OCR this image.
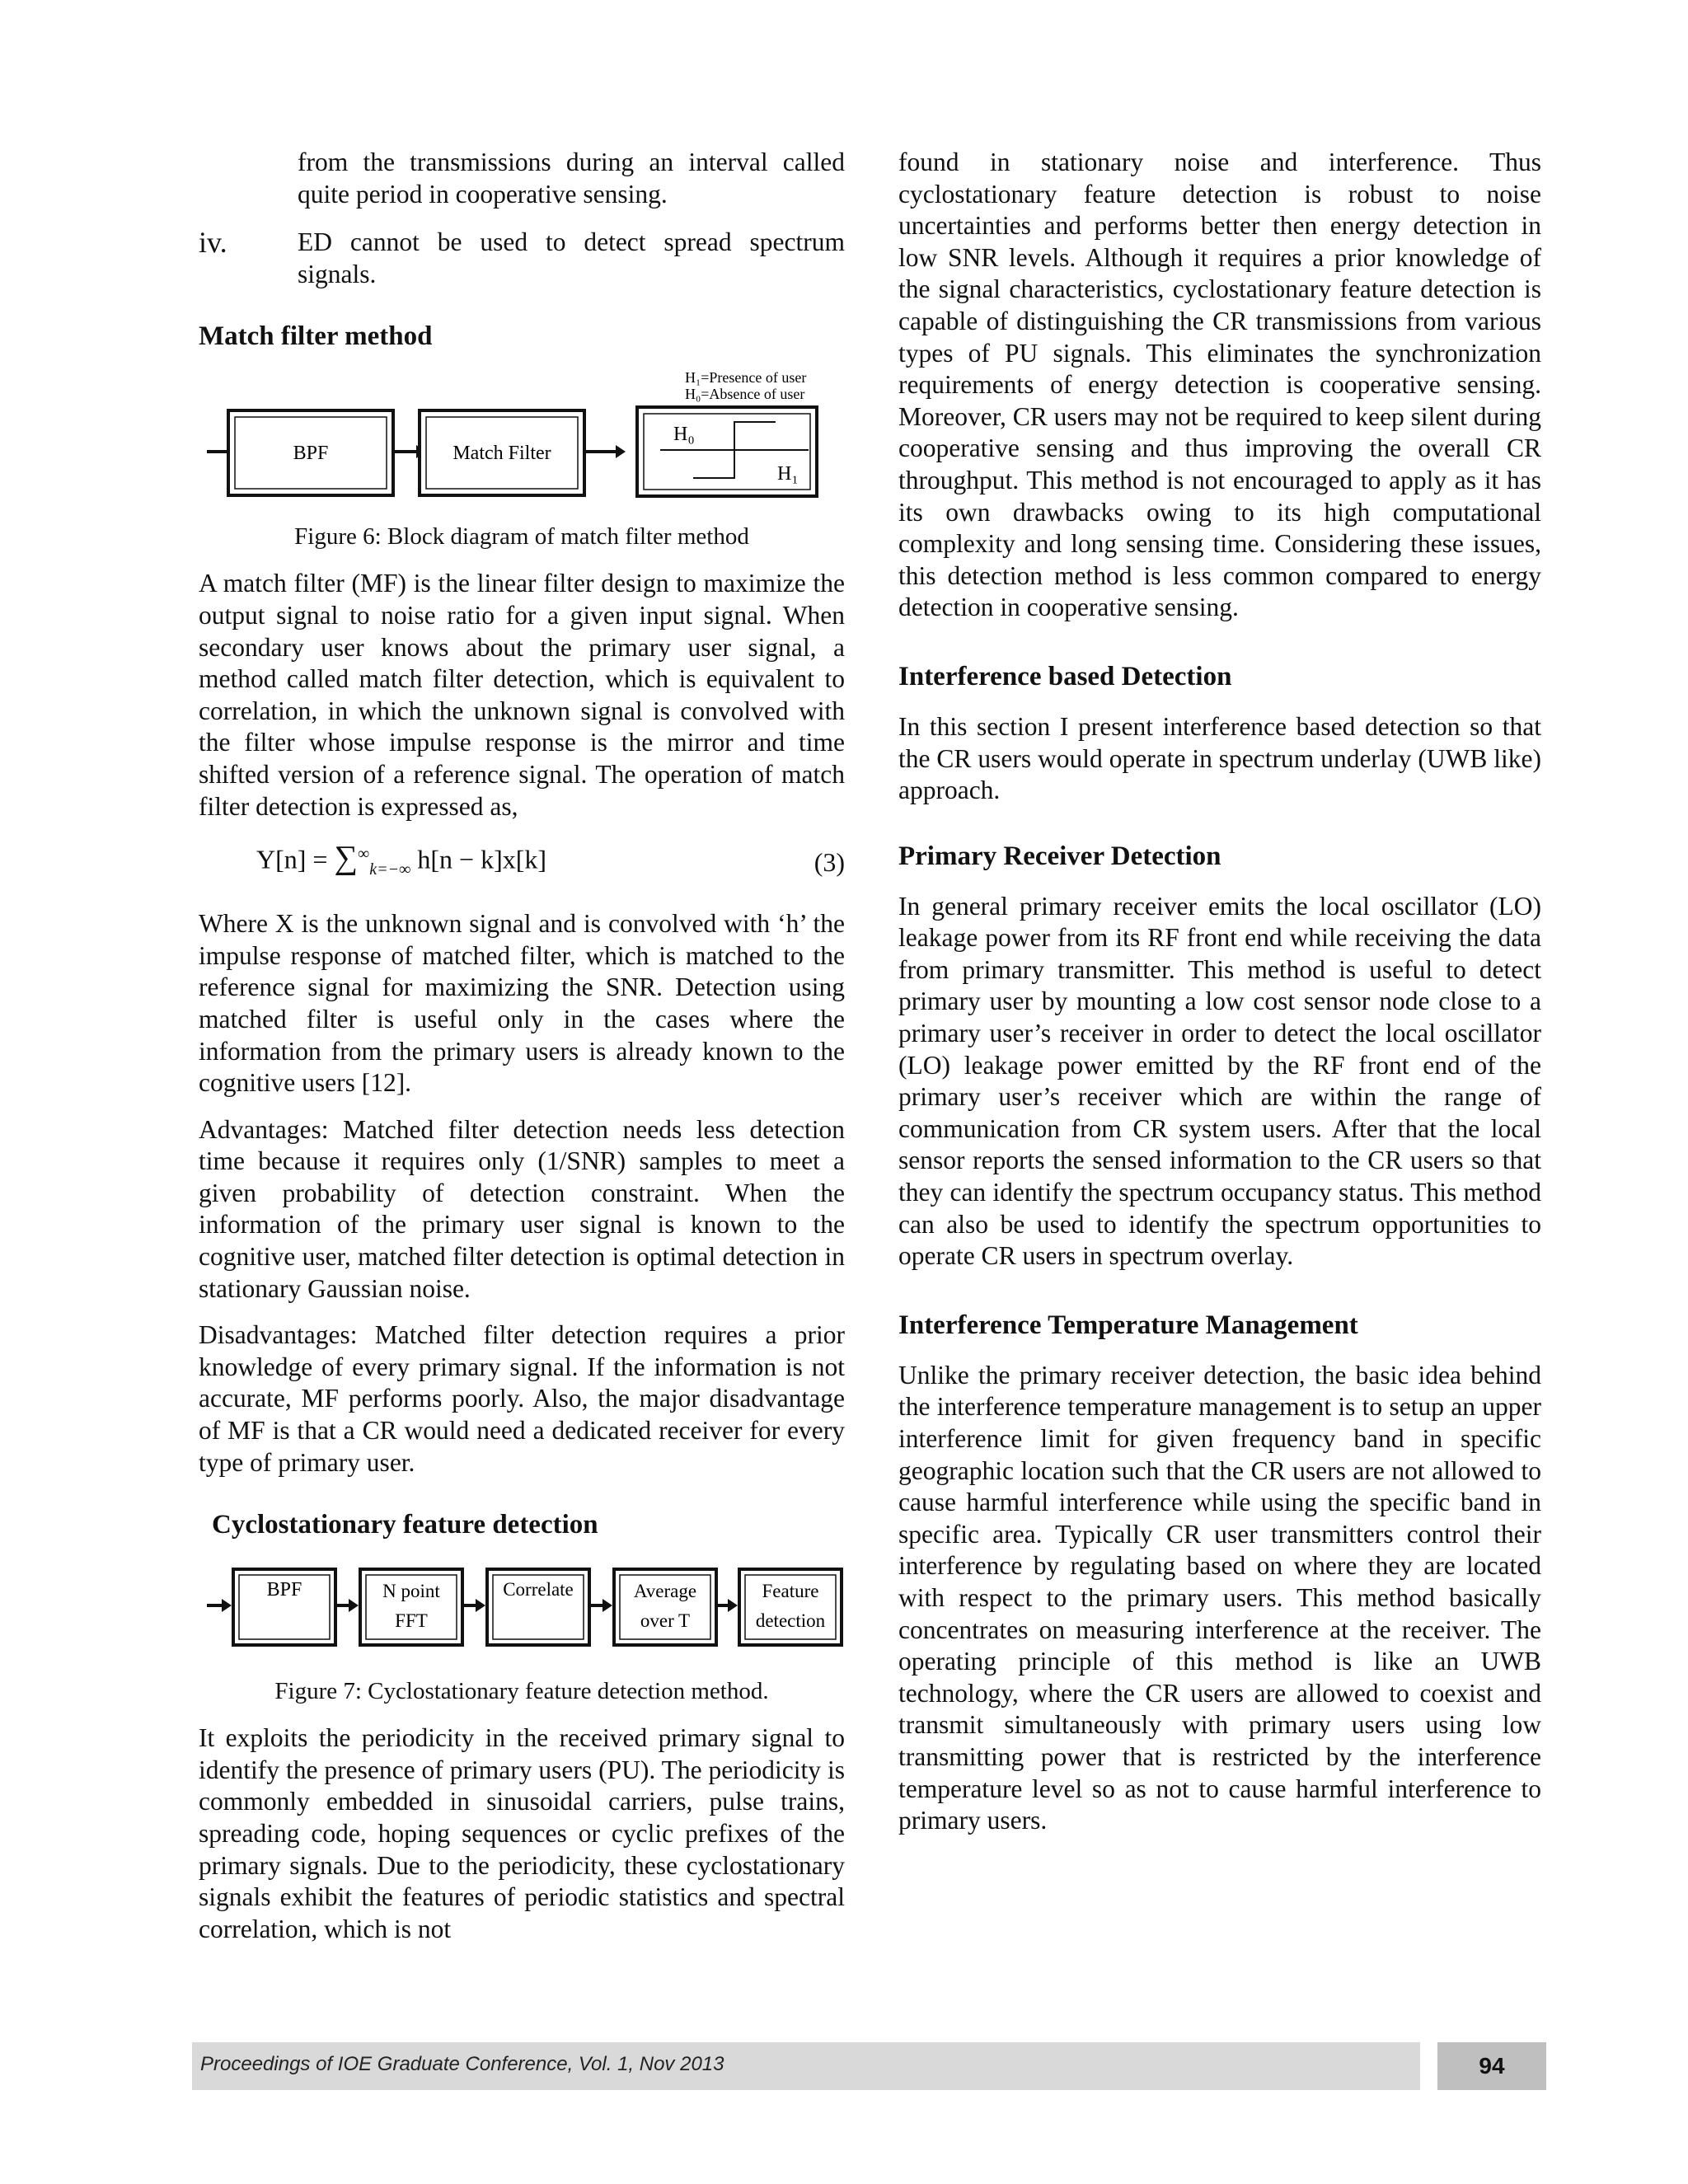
from the transmissions during an interval called quite period in cooperative sensing.
iv.	ED cannot be used to detect spread spectrum signals.
Match filter method
BPF	Match Filter
H₁=Presence of user
H₀=Absence of user
H₀
H₁
Figure 6: Block diagram of match filter method

A match filter (MF) is the linear filter design to maximize the output signal to noise ratio for a given input signal. When secondary user knows about the primary user signal, a method called match filter detection, which is equivalent to correlation, in which the unknown signal is convolved with the filter whose impulse response is the mirror and time shifted version of a reference signal. The operation of match filter detection is expressed as,

$Y[n] = \sum^\infty_{k=-\infty}$ h[n − k]x[k]	(3)

Where X is the unknown signal and is convolved with ‘h’ the impulse response of matched filter, which is matched to the reference signal for maximizing the SNR. Detection using matched filter is useful only in the cases where the information from the primary users is already known to the cognitive users [12].

Advantages: Matched filter detection needs less detection time because it requires only (1/SNR) samples to meet a given probability of detection constraint. When the information of the primary user signal is known to the cognitive user, matched filter detection is optimal detection in stationary Gaussian noise.

Disadvantages: Matched filter detection requires a prior knowledge of every primary signal. If the information is not accurate, MF performs poorly. Also, the major disadvantage of MF is that a CR would need a dedicated receiver for every type of primary user.

Cyclostationary feature detection
BPF	N point
FFT
Correlate	Average
over T
Feature
detection
Figure 7: Cyclostationary feature detection method.

It exploits the periodicity in the received primary signal to identify the presence of primary users (PU). The periodicity is commonly embedded in sinusoidal carriers, pulse trains, spreading code, hoping sequences or cyclic prefixes of the primary signals. Due to the periodicity, these cyclostationary signals exhibit the features of periodic statistics and spectral correlation, which is not

found in stationary noise and interference. Thus cyclostationary feature detection is robust to noise uncertainties and performs better then energy detection in low SNR levels. Although it requires a prior knowledge of the signal characteristics, cyclostationary feature detection is capable of distinguishing the CR transmissions from various types of PU signals. This eliminates the synchronization requirements of energy detection is cooperative sensing. Moreover, CR users may not be required to keep silent during cooperative sensing and thus improving the overall CR throughput. This method is not encouraged to apply as it has its own drawbacks owing to its high computational complexity and long sensing time. Considering these issues, this detection method is less common compared to energy detection in cooperative sensing.

Interference based Detection

In this section I present interference based detection so that the CR users would operate in spectrum underlay (UWB like) approach.

Primary Receiver Detection

In general primary receiver emits the local oscillator (LO) leakage power from its RF front end while receiving the data from primary transmitter. This method is useful to detect primary user by mounting a low cost sensor node close to a primary user’s receiver in order to detect the local oscillator (LO) leakage power emitted by the RF front end of the primary user’s receiver which are within the range of communication from CR system users. After that the local sensor reports the sensed information to the CR users so that they can identify the spectrum occupancy status. This method can also be used to identify the spectrum opportunities to operate CR users in spectrum overlay.

Interference Temperature Management

Unlike the primary receiver detection, the basic idea behind the interference temperature management is to setup an upper interference limit for given frequency band in specific geographic location such that the CR users are not allowed to cause harmful interference while using the specific band in specific area. Typically CR user transmitters control their interference by regulating based on where they are located with respect to the primary users. This method basically concentrates on measuring interference at the receiver. The operating principle of this method is like an UWB technology, where the CR users are allowed to coexist and transmit simultaneously with primary users using low transmitting power that is restricted by the interference temperature level so as not to cause harmful interference to primary users.

Proceedings of IOE Graduate Conference, Vol. 1, Nov 2013	94
